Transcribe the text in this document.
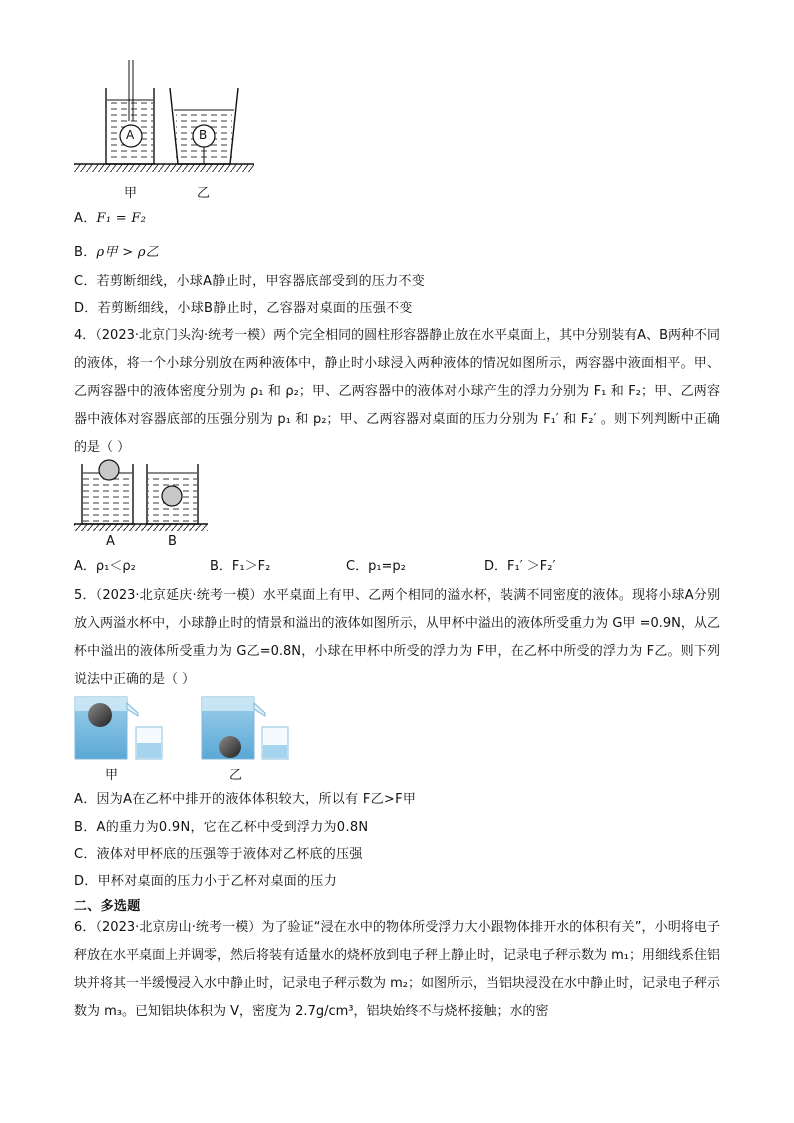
A	B
甲	乙
A．F₁ = F₂
B．ρ甲 > ρ乙
C．若剪断细线，小球A静止时，甲容器底部受到的压力不变
D．若剪断细线，小球B静止时，乙容器对桌面的压强不变
4．（2023·北京门头沟·统考一模）两个完全相同的圆柱形容器静止放在水平桌面上，其中分别装有A、B两种不同的液体，将一个小球分别放在两种液体中，静止时小球浸入两种液体的情况如图所示，两容器中液面相平。甲、乙两容器中的液体密度分别为 ρ₁ 和 ρ₂；甲、乙两容器中的液体对小球产生的浮力分别为 F₁ 和 F₂；甲、乙两容器中液体对容器底部的压强分别为 p₁ 和 p₂；甲、乙两容器对桌面的压力分别为 F₁′ 和 F₂′ 。则下列判断中正确的是（ ）
A	B
A．ρ₁＜ρ₂	B．F₁＞F₂	C．p₁=p₂	D．F₁′ ＞F₂′
5．（2023·北京延庆·统考一模）水平桌面上有甲、乙两个相同的溢水杯，装满不同密度的液体。现将小球A分别放入两溢水杯中，小球静止时的情景和溢出的液体如图所示，从甲杯中溢出的液体所受重力为 G甲 =0.9N，从乙杯中溢出的液体所受重力为 G乙=0.8N，小球在甲杯中所受的浮力为 F甲，在乙杯中所受的浮力为 F乙。则下列说法中正确的是（ ）
甲	乙
A．因为A在乙杯中排开的液体体积较大，所以有 F乙>F甲
B．A的重力为0.9N，它在乙杯中受到浮力为0.8N
C．液体对甲杯底的压强等于液体对乙杯底的压强
D．甲杯对桌面的压力小于乙杯对桌面的压力
二、多选题
6．（2023·北京房山·统考一模）为了验证“浸在水中的物体所受浮力大小跟物体排开水的体积有关”，小明将电子秤放在水平桌面上并调零，然后将装有适量水的烧杯放到电子秤上静止时，记录电子秤示数为 m₁；用细线系住铝块并将其一半缓慢浸入水中静止时，记录电子秤示数为 m₂；如图所示，当铝块浸没在水中静止时，记录电子秤示数为 m₃。已知铝块体积为 V，密度为 2.7g/cm³，铝块始终不与烧杯接触；水的密
